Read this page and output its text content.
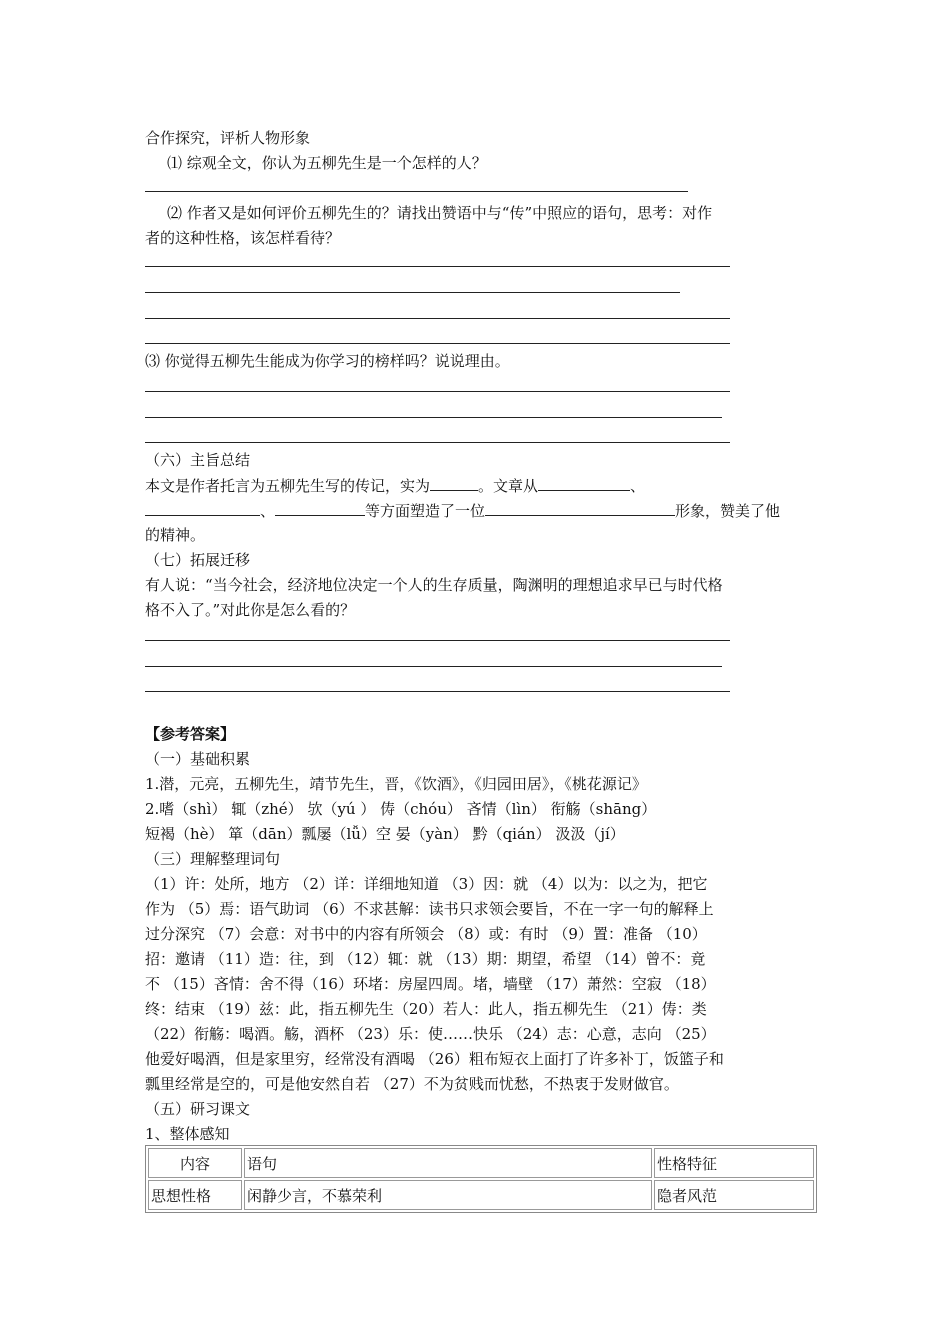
合作探究，评析人物形象
⑴ 综观全文，你认为五柳先生是一个怎样的人？
⑵ 作者又是如何评价五柳先生的？请找出赞语中与“传”中照应的语句，思考：对作
者的这种性格，该怎样看待？
⑶ 你觉得五柳先生能成为你学习的榜样吗？说说理由。
（六）主旨总结
本文是作者托言为五柳先生写的传记，实为	。文章从	、
、	等方面塑造了一位	形象，赞美了他
的精神。
（七）拓展迁移
有人说：“当今社会，经济地位决定一个人的生存质量，陶渊明的理想追求早已与时代格
格不入了。”对此你是怎么看的？
【参考答案】
（一）基础积累
1.潜，元亮，五柳先生，靖节先生，晋，《饮酒》，《归园田居》，《桃花源记》
2.嗜（shì） 辄（zhé） 欤（yú ） 俦（chóu） 吝情（lìn） 衔觞（shāng）
短褐（hè） 箪（dān）瓢屡（lǚ）空 晏（yàn） 黔（qián） 汲汲（jí）
（三）理解整理词句
（1）许：处所，地方 （2）详：详细地知道 （3）因：就 （4）以为：以之为，把它
作为 （5）焉：语气助词 （6）不求甚解：读书只求领会要旨，不在一字一句的解释上
过分深究 （7）会意：对书中的内容有所领会 （8）或：有时 （9）置：准备 （10）
招：邀请 （11）造：往，到 （12）辄：就 （13）期：期望，希望 （14）曾不：竟
不 （15）吝情：舍不得（16）环堵：房屋四周。堵，墙壁 （17）萧然：空寂 （18）
终：结束 （19）兹：此，指五柳先生（20）若人：此人，指五柳先生 （21）俦：类
（22）衔觞：喝酒。觞，酒杯 （23）乐：使……快乐 （24）志：心意，志向 （25）
他爱好喝酒，但是家里穷，经常没有酒喝 （26）粗布短衣上面打了许多补丁，饭篮子和
瓢里经常是空的，可是他安然自若 （27）不为贫贱而忧愁，不热衷于发财做官。
（五）研习课文
1、整体感知
内容	语句	性格特征
思想性格	闲静少言，不慕荣利	隐者风范
